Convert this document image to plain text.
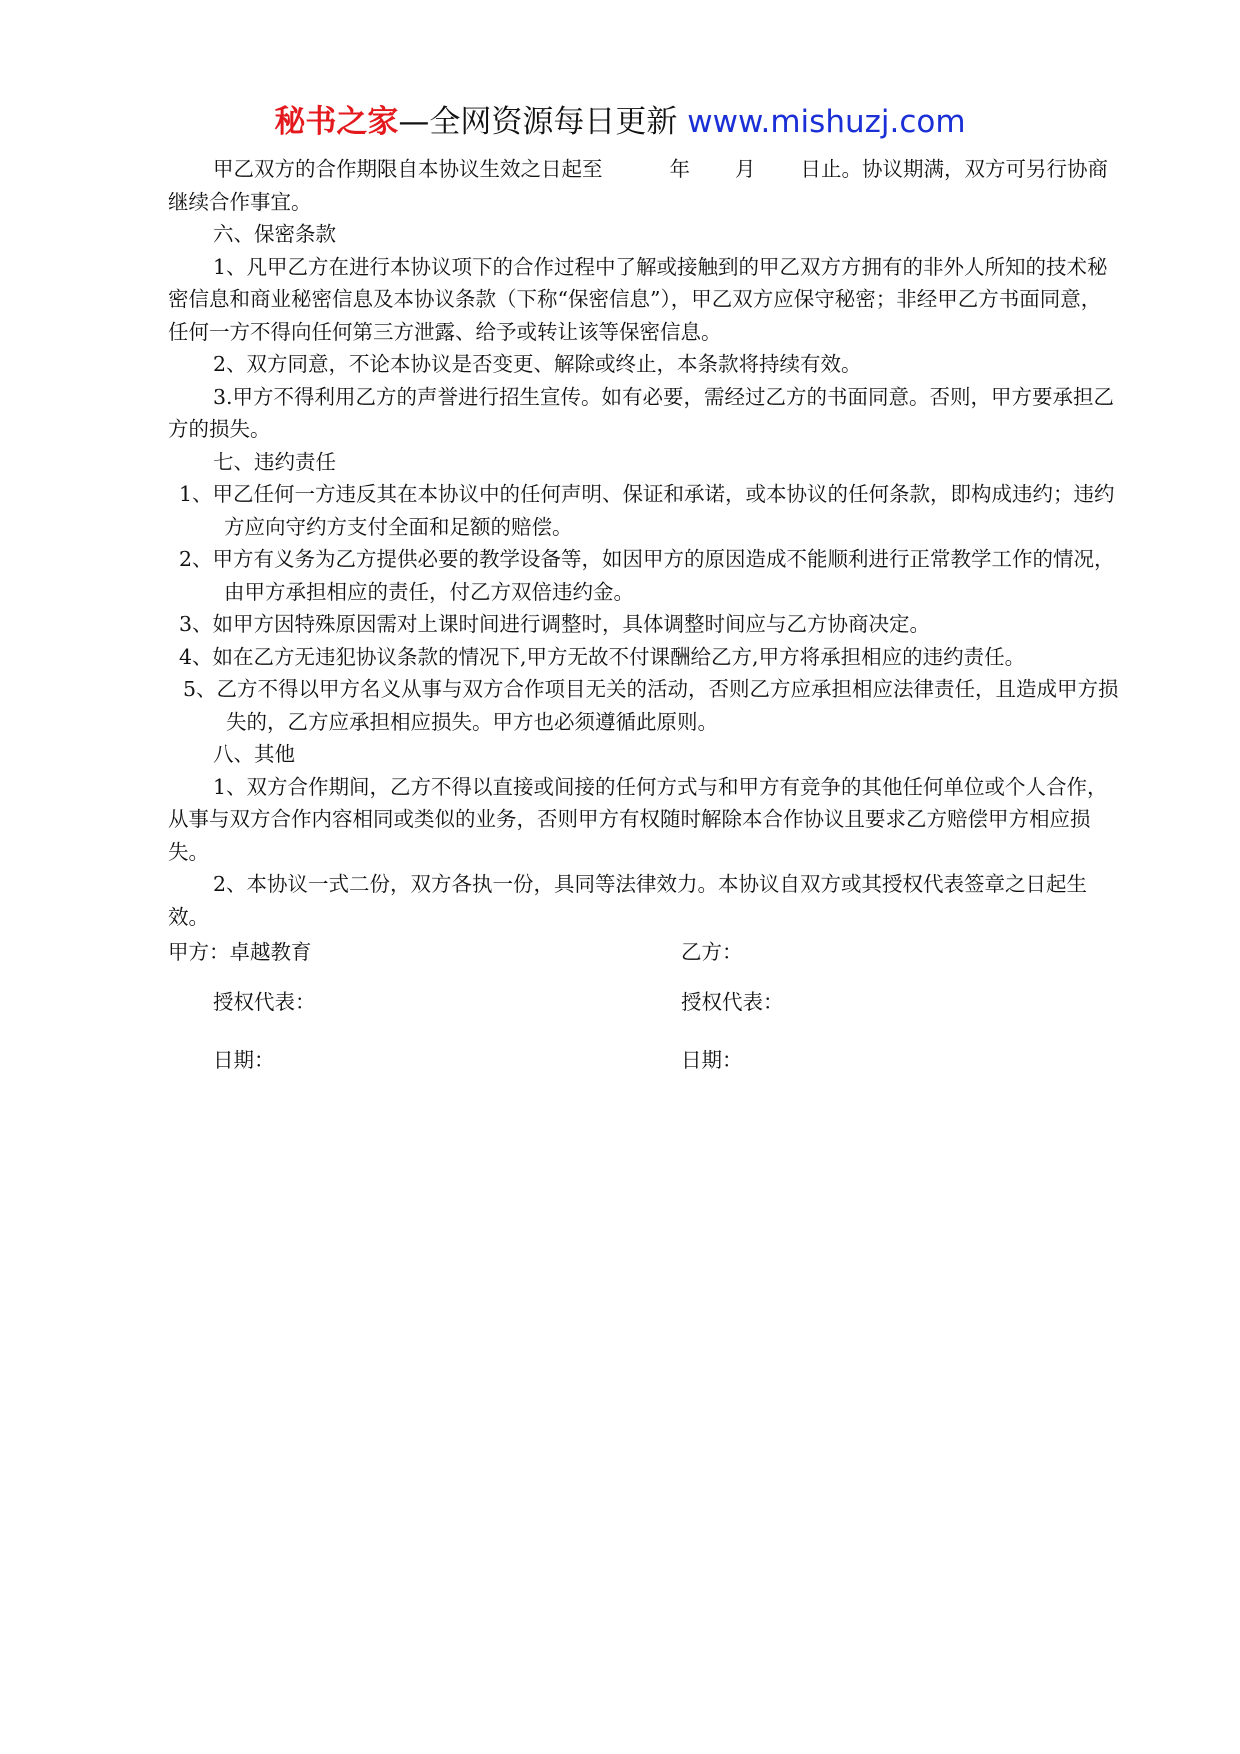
秘书之家—全网资源每日更新 www.mishuzj.com

甲乙双方的合作期限自本协议生效之日起至	年 月 日止。协议期满，双方可另行协商继续合作事宜。

六、保密条款

1、凡甲乙方在进行本协议项下的合作过程中了解或接触到的甲乙双方方拥有的非外人所知的技术秘密信息和商业秘密信息及本协议条款（下称“保密信息”），甲乙双方应保守秘密；非经甲乙方书面同意，任何一方不得向任何第三方泄露、给予或转让该等保密信息。

2、双方同意，不论本协议是否变更、解除或终止，本条款将持续有效。

3.甲方不得利用乙方的声誉进行招生宣传。如有必要，需经过乙方的书面同意。否则，甲方要承担乙方的损失。

七、违约责任

1、甲乙任何一方违反其在本协议中的任何声明、保证和承诺，或本协议的任何条款，即构成违约；违约方应向守约方支付全面和足额的赔偿。

2、甲方有义务为乙方提供必要的教学设备等，如因甲方的原因造成不能顺利进行正常教学工作的情况，由甲方承担相应的责任，付乙方双倍违约金。

3、如甲方因特殊原因需对上课时间进行调整时，具体调整时间应与乙方协商决定。

4、如在乙方无违犯协议条款的情况下,甲方无故不付课酬给乙方,甲方将承担相应的违约责任。

5、乙方不得以甲方名义从事与双方合作项目无关的活动，否则乙方应承担相应法律责任，且造成甲方损失的，乙方应承担相应损失。甲方也必须遵循此原则。

八、其他

1、双方合作期间，乙方不得以直接或间接的任何方式与和甲方有竞争的其他任何单位或个人合作，从事与双方合作内容相同或类似的业务，否则甲方有权随时解除本合作协议且要求乙方赔偿甲方相应损失。

2、本协议一式二份，双方各执一份，具同等法律效力。本协议自双方或其授权代表签章之日起生效。

甲方：卓越教育	乙方：
授权代表：	授权代表：
日期：	日期：
